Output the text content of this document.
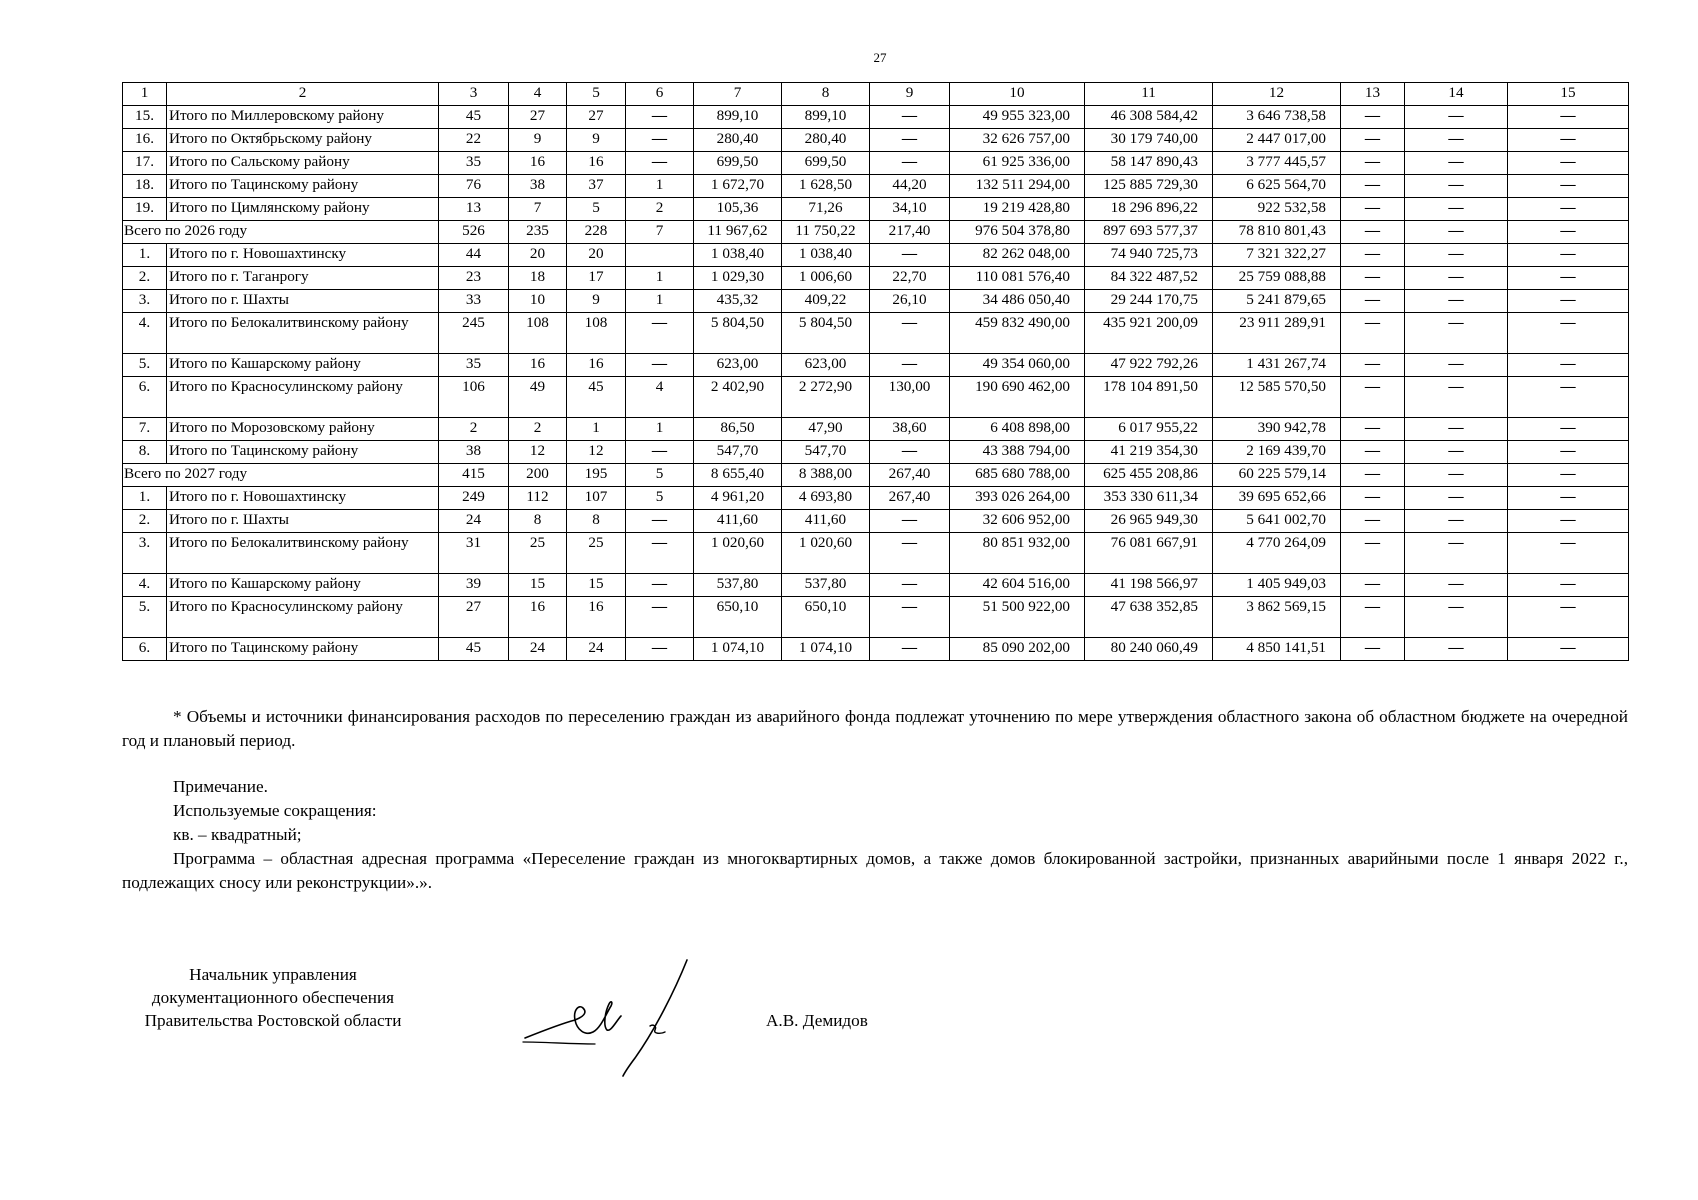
27
1	2	3	4	5	6	7	8	9	10	11	12	13	14	15
15.	Итого по Миллеровскому району	45	27	27	—	899,10	899,10	—	49 955 323,00	46 308 584,42	3 646 738,58	—	—	—
16.	Итого по Октябрьскому району	22	9	9	—	280,40	280,40	—	32 626 757,00	30 179 740,00	2 447 017,00	—	—	—
17.	Итого по Сальскому району	35	16	16	—	699,50	699,50	—	61 925 336,00	58 147 890,43	3 777 445,57	—	—	—
18.	Итого по Тацинскому району	76	38	37	1	1 672,70	1 628,50	44,20	132 511 294,00	125 885 729,30	6 625 564,70	—	—	—
19.	Итого по Цимлянскому району	13	7	5	2	105,36	71,26	34,10	19 219 428,80	18 296 896,22	922 532,58	—	—	—
Всего по 2026 году		526	235	228	7	11 967,62	11 750,22	217,40	976 504 378,80	897 693 577,37	78 810 801,43	—	—	—
1.	Итого по г. Новошахтинску	44	20	20		1 038,40	1 038,40	—	82 262 048,00	74 940 725,73	7 321 322,27	—	—	—
2.	Итого по г. Таганрогу	23	18	17	1	1 029,30	1 006,60	22,70	110 081 576,40	84 322 487,52	25 759 088,88	—	—	—
3.	Итого по г. Шахты	33	10	9	1	435,32	409,22	26,10	34 486 050,40	29 244 170,75	5 241 879,65	—	—	—
4.	Итого по Белокалитвинскому району	245	108	108	—	5 804,50	5 804,50	—	459 832 490,00	435 921 200,09	23 911 289,91	—	—	—
5.	Итого по Кашарскому району	35	16	16	—	623,00	623,00	—	49 354 060,00	47 922 792,26	1 431 267,74	—	—	—
6.	Итого по Красносулинскому району	106	49	45	4	2 402,90	2 272,90	130,00	190 690 462,00	178 104 891,50	12 585 570,50	—	—	—
7.	Итого по Морозовскому району	2	2	1	1	86,50	47,90	38,60	6 408 898,00	6 017 955,22	390 942,78	—	—	—
8.	Итого по Тацинскому району	38	12	12	—	547,70	547,70	—	43 388 794,00	41 219 354,30	2 169 439,70	—	—	—
Всего по 2027 году		415	200	195	5	8 655,40	8 388,00	267,40	685 680 788,00	625 455 208,86	60 225 579,14	—	—	—
1.	Итого по г. Новошахтинску	249	112	107	5	4 961,20	4 693,80	267,40	393 026 264,00	353 330 611,34	39 695 652,66	—	—	—
2.	Итого по г. Шахты	24	8	8	—	411,60	411,60	—	32 606 952,00	26 965 949,30	5 641 002,70	—	—	—
3.	Итого по Белокалитвинскому району	31	25	25	—	1 020,60	1 020,60	—	80 851 932,00	76 081 667,91	4 770 264,09	—	—	—
4.	Итого по Кашарскому району	39	15	15	—	537,80	537,80	—	42 604 516,00	41 198 566,97	1 405 949,03	—	—	—
5.	Итого по Красносулинскому району	27	16	16	—	650,10	650,10	—	51 500 922,00	47 638 352,85	3 862 569,15	—	—	—
6.	Итого по Тацинскому району	45	24	24	—	1 074,10	1 074,10	—	85 090 202,00	80 240 060,49	4 850 141,51	—	—	—

* Объемы и источники финансирования расходов по переселению граждан из аварийного фонда подлежат уточнению по мере утверждения областного закона об областном бюджете на очередной год и плановый период.

Примечание.

Используемые сокращения:

кв. – квадратный;

Программа – областная адресная программа «Переселение граждан из многоквартирных домов, а также домов блокированной застройки, признанных аварийными после 1 января 2022 г., подлежащих сносу или реконструкции».».

Начальник управления
документационного обеспечения
Правительства Ростовской области	А.В. Демидов
